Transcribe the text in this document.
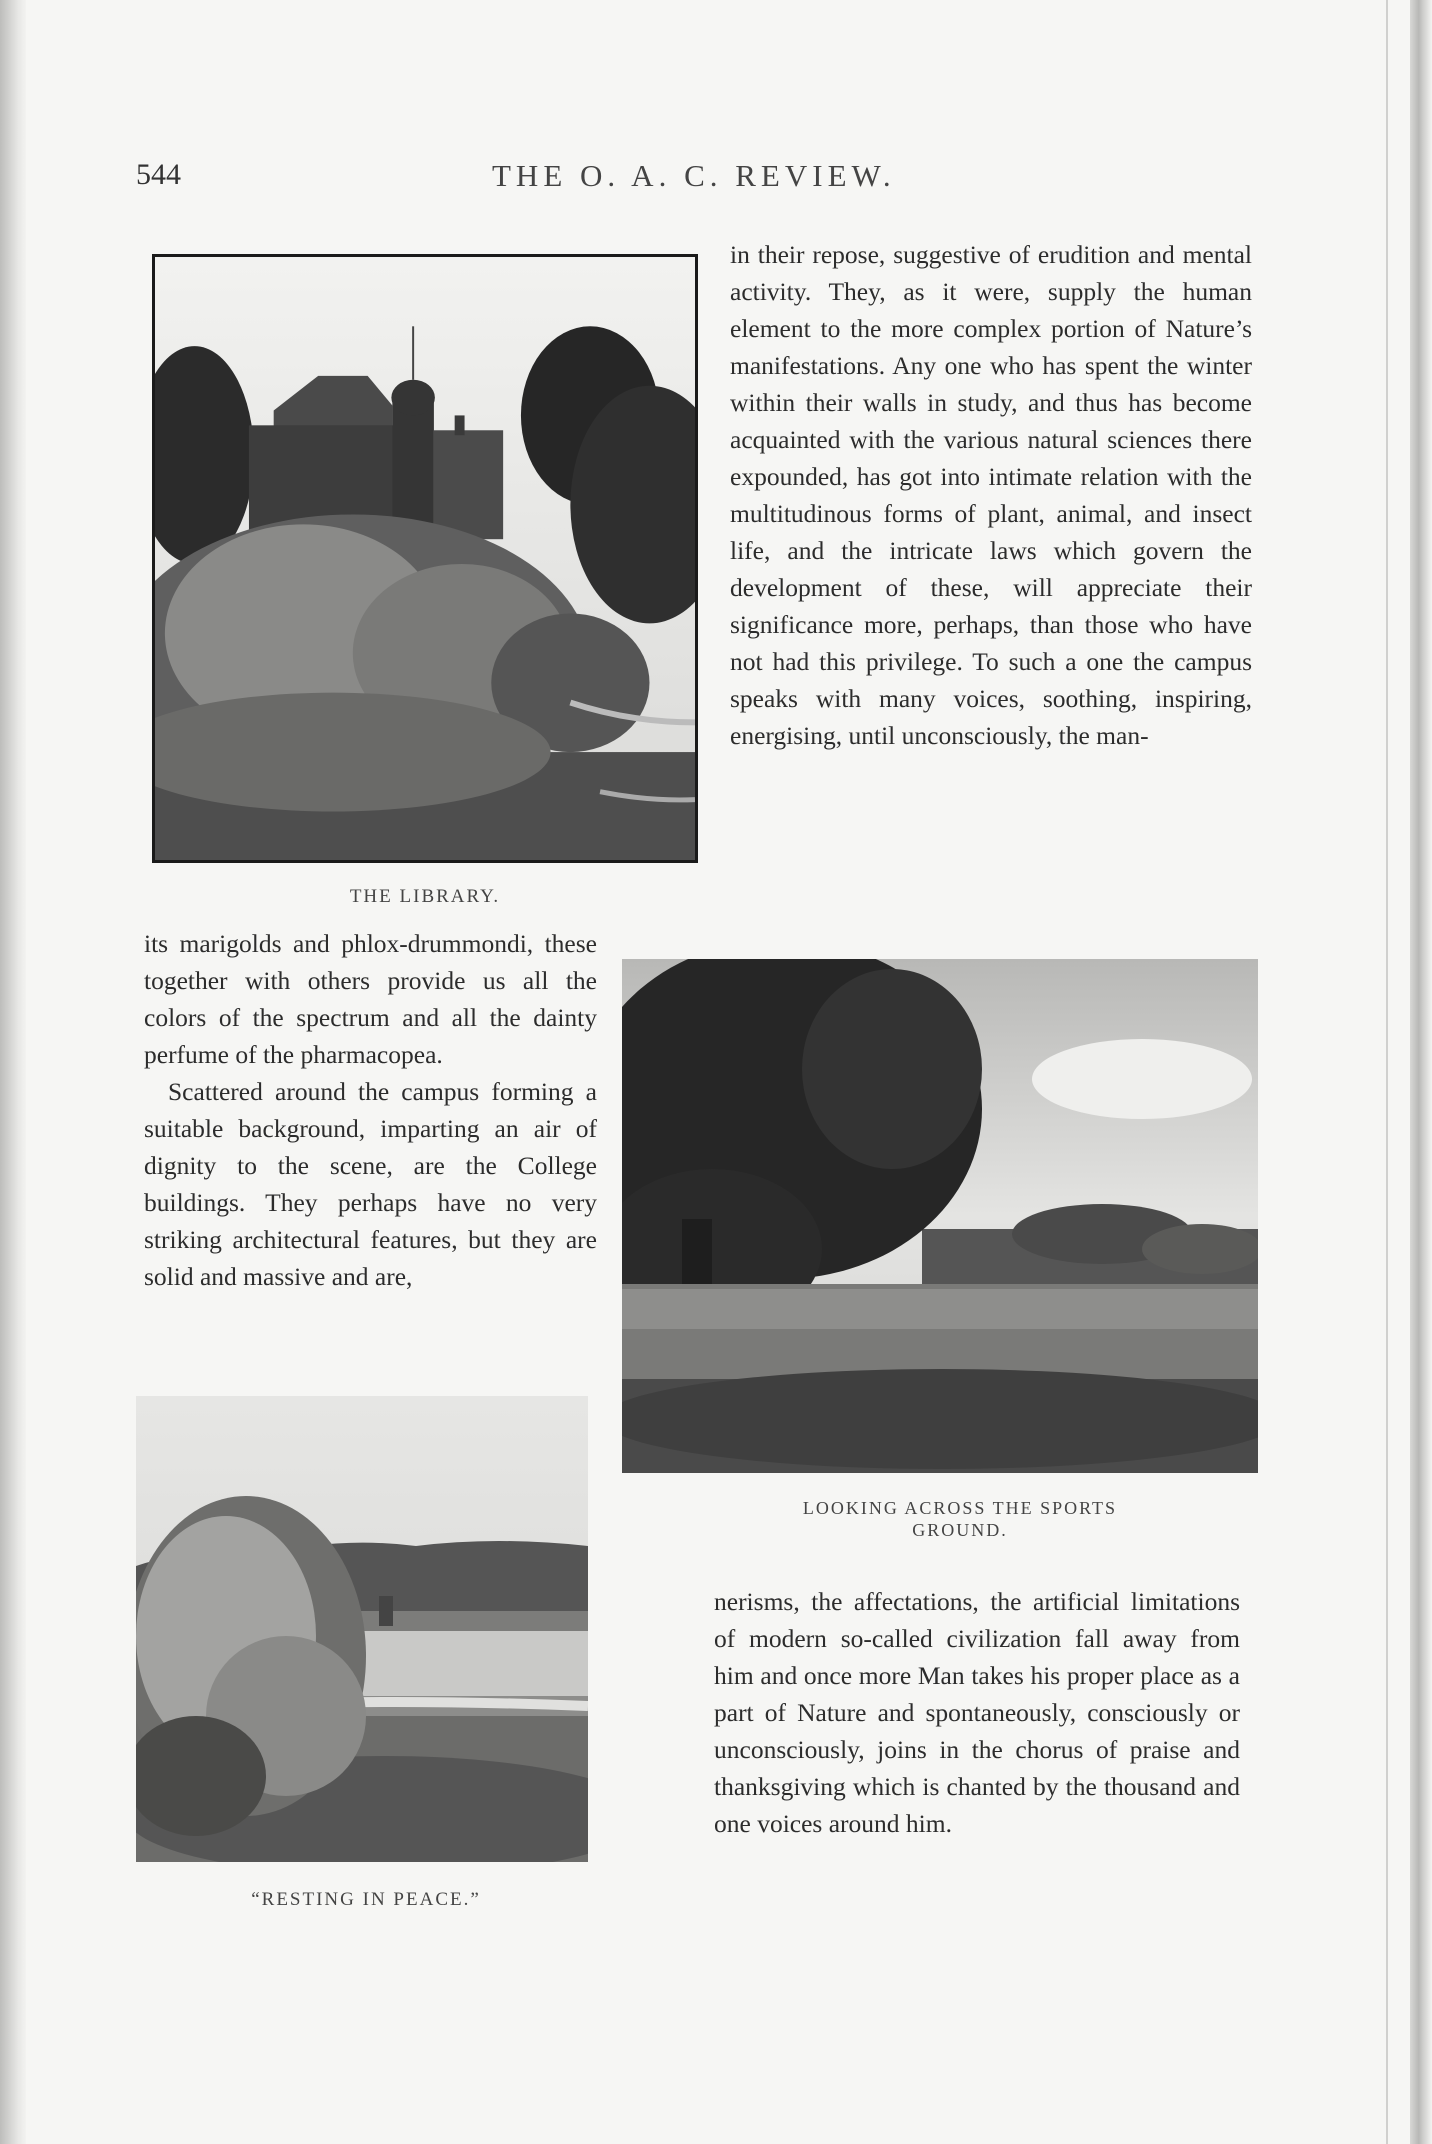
544	THE O. A. C. REVIEW.
THE LIBRARY.

in their repose, suggestive of erudition and mental activity. They, as it were, supply the human element to the more complex portion of Nature’s manifestations. Any one who has spent the winter within their walls in study, and thus has become acquainted with the various natural sciences there expounded, has got into intimate relation with the multitudinous forms of plant, animal, and insect life, and the intricate laws which govern the development of these, will appreciate their significance more, perhaps, than those who have not had this privilege. To such a one the campus speaks with many voices, soothing, inspiring, energising, until unconsciously, the man-

its marigolds and phlox-drummondi, these together with others provide us all the colors of the spectrum and all the dainty perfume of the pharmacopea.

Scattered around the campus forming a suitable background, imparting an air of dignity to the scene, are the College buildings. They perhaps have no very striking architectural features, but they are solid and massive and are,

LOOKING ACROSS THE SPORTS
GROUND.
“RESTING IN PEACE.”

nerisms, the affectations, the artificial limitations of modern so-called civilization fall away from him and once more Man takes his proper place as a part of Nature and spontaneously, consciously or unconsciously, joins in the chorus of praise and thanksgiving which is chanted by the thousand and one voices around him.
